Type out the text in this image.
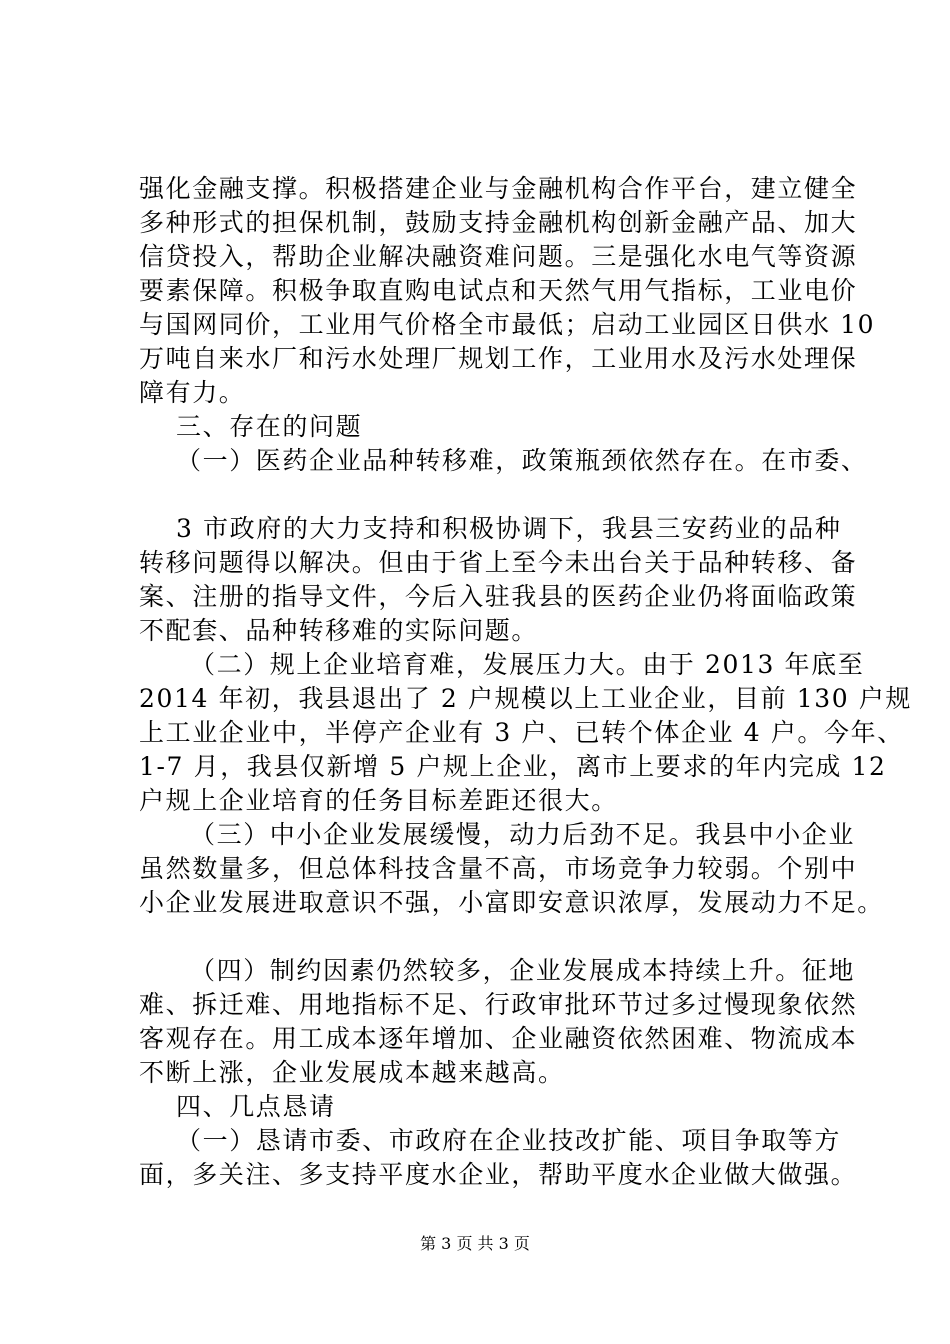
强化金融支撑。积极搭建企业与金融机构合作平台，建立健全
多种形式的担保机制，鼓励支持金融机构创新金融产品、加大
信贷投入，帮助企业解决融资难问题。三是强化水电气等资源
要素保障。积极争取直购电试点和天然气用气指标，工业电价
与国网同价，工业用气价格全市最低；启动工业园区日供水 10
万吨自来水厂和污水处理厂规划工作，工业用水及污水处理保
障有力。
三、存在的问题
（一）医药企业品种转移难，政策瓶颈依然存在。在市委、
3 市政府的大力支持和积极协调下，我县三安药业的品种
转移问题得以解决。但由于省上至今未出台关于品种转移、备
案、注册的指导文件，今后入驻我县的医药企业仍将面临政策
不配套、品种转移难的实际问题。
（二）规上企业培育难，发展压力大。由于 2013 年底至
2014 年初，我县退出了 2 户规模以上工业企业，目前 130 户规
上工业企业中，半停产企业有 3 户、已转个体企业 4 户。今年、
1-7 月，我县仅新增 5 户规上企业，离市上要求的年内完成 12
户规上企业培育的任务目标差距还很大。
（三）中小企业发展缓慢，动力后劲不足。我县中小企业
虽然数量多，但总体科技含量不高，市场竞争力较弱。个别中
小企业发展进取意识不强，小富即安意识浓厚，发展动力不足。
（四）制约因素仍然较多，企业发展成本持续上升。征地
难、拆迁难、用地指标不足、行政审批环节过多过慢现象依然
客观存在。用工成本逐年增加、企业融资依然困难、物流成本
不断上涨，企业发展成本越来越高。
四、几点恳请
（一）恳请市委、市政府在企业技改扩能、项目争取等方
面，多关注、多支持平度水企业，帮助平度水企业做大做强。
第 3 页 共 3 页
